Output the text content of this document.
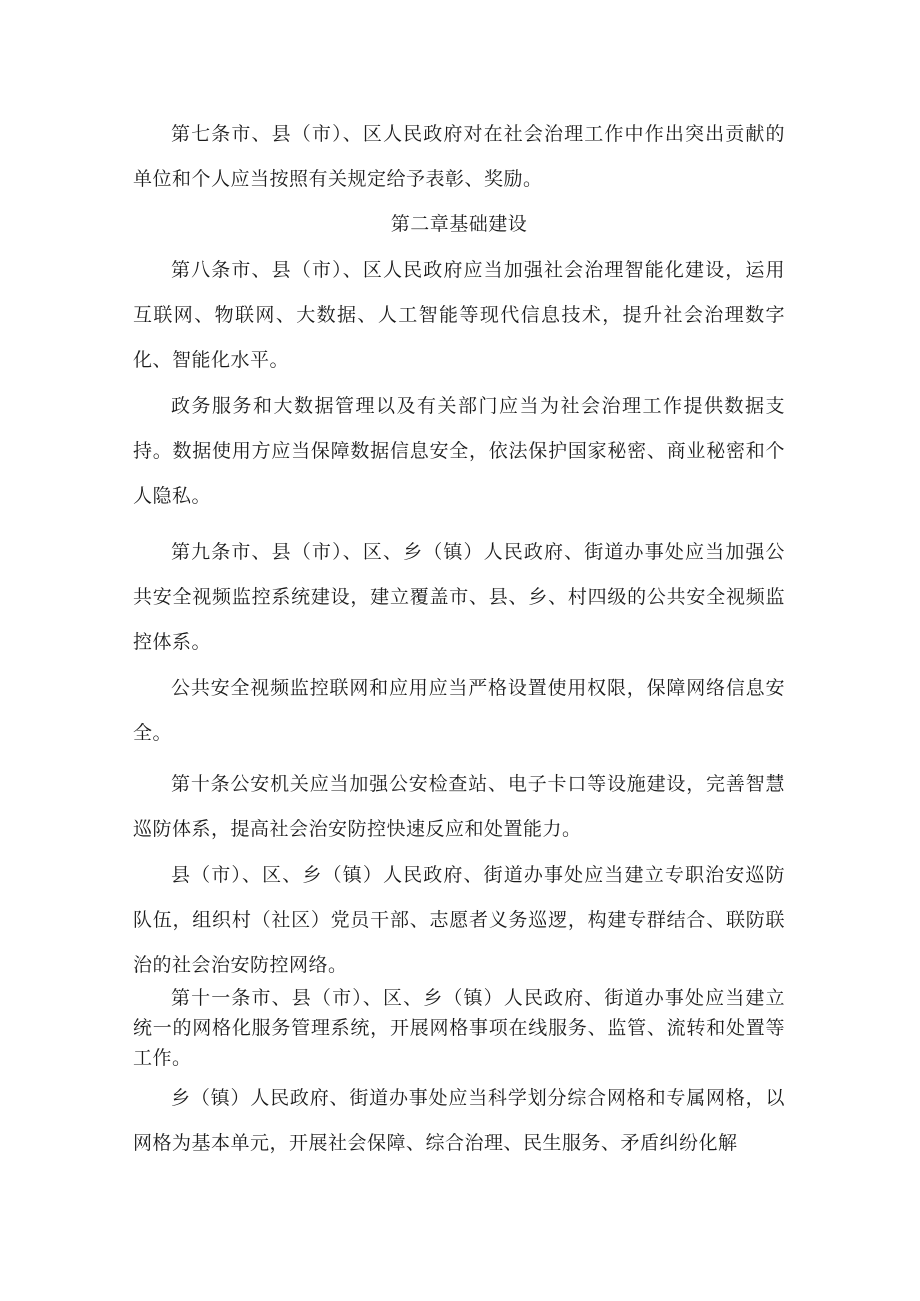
第七条市、县（市）、区人民政府对在社会治理工作中作出突出贡献的单位和个人应当按照有关规定给予表彰、奖励。

第二章基础建设

第八条市、县（市）、区人民政府应当加强社会治理智能化建设，运用互联网、物联网、大数据、人工智能等现代信息技术，提升社会治理数字化、智能化水平。

政务服务和大数据管理以及有关部门应当为社会治理工作提供数据支持。数据使用方应当保障数据信息安全，依法保护国家秘密、商业秘密和个人隐私。

第九条市、县（市）、区、乡（镇）人民政府、街道办事处应当加强公共安全视频监控系统建设，建立覆盖市、县、乡、村四级的公共安全视频监控体系。

公共安全视频监控联网和应用应当严格设置使用权限，保障网络信息安全。

第十条公安机关应当加强公安检查站、电子卡口等设施建设，完善智慧巡防体系，提高社会治安防控快速反应和处置能力。

县（市）、区、乡（镇）人民政府、街道办事处应当建立专职治安巡防队伍，组织村（社区）党员干部、志愿者义务巡逻，构建专群结合、联防联治的社会治安防控网络。

第十一条市、县（市）、区、乡（镇）人民政府、街道办事处应当建立统一的网格化服务管理系统，开展网格事项在线服务、监管、流转和处置等工作。

乡（镇）人民政府、街道办事处应当科学划分综合网格和专属网格，以网格为基本单元，开展社会保障、综合治理、民生服务、矛盾纠纷化解
